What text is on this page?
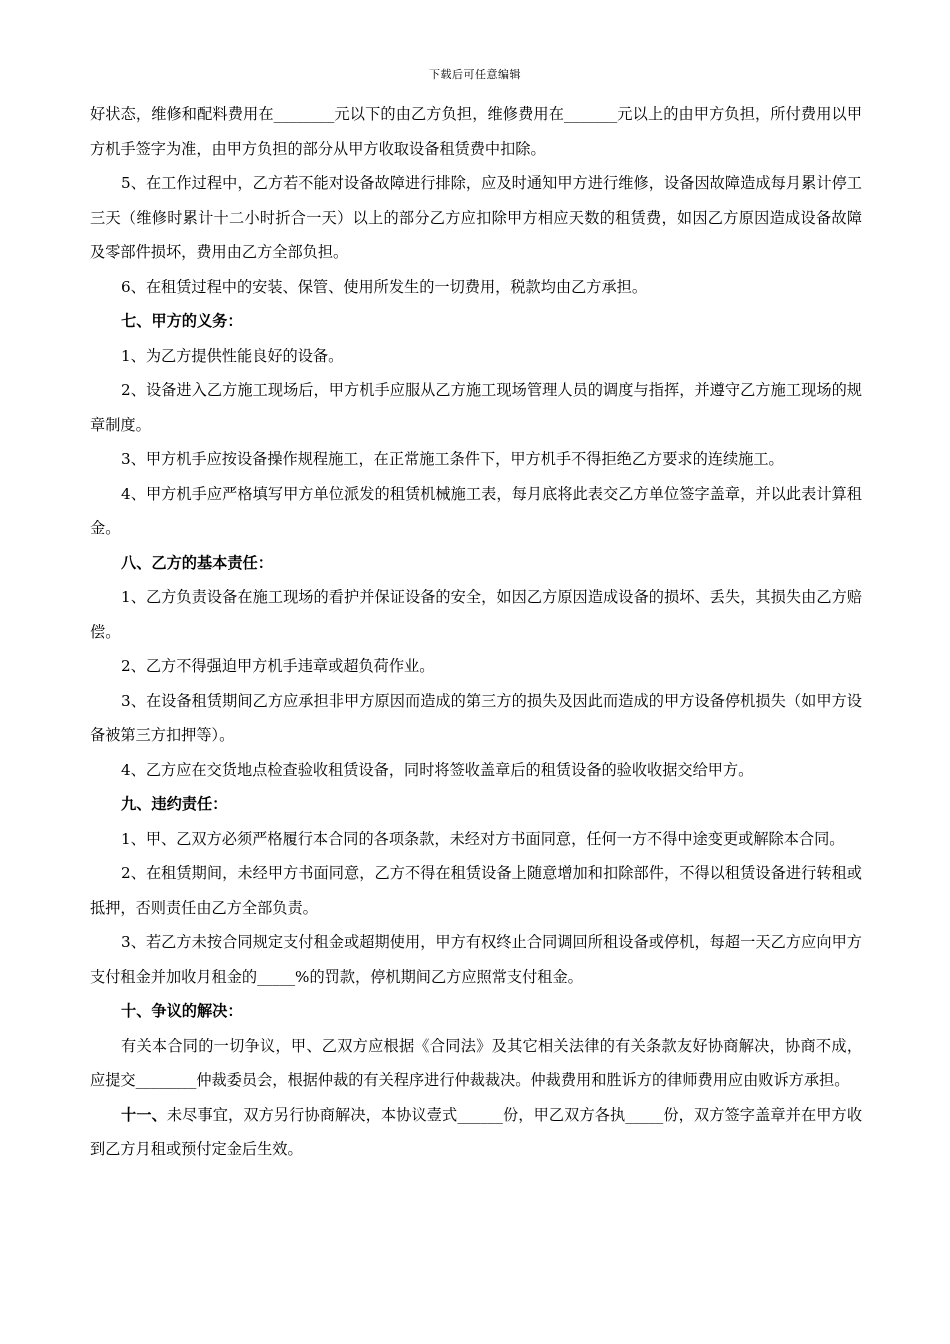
下载后可任意编辑

好状态，维修和配料费用在________元以下的由乙方负担，维修费用在_______元以上的由甲方负担，所付费用以甲方机手签字为准，由甲方负担的部分从甲方收取设备租赁费中扣除。

5、在工作过程中，乙方若不能对设备故障进行排除，应及时通知甲方进行维修，设备因故障造成每月累计停工三天（维修时累计十二小时折合一天）以上的部分乙方应扣除甲方相应天数的租赁费，如因乙方原因造成设备故障及零部件损坏，费用由乙方全部负担。

6、在租赁过程中的安装、保管、使用所发生的一切费用，税款均由乙方承担。

七、甲方的义务：

1、为乙方提供性能良好的设备。

2、设备进入乙方施工现场后，甲方机手应服从乙方施工现场管理人员的调度与指挥，并遵守乙方施工现场的规章制度。

3、甲方机手应按设备操作规程施工，在正常施工条件下，甲方机手不得拒绝乙方要求的连续施工。

4、甲方机手应严格填写甲方单位派发的租赁机械施工表，每月底将此表交乙方单位签字盖章，并以此表计算租金。

八、乙方的基本责任：

1、乙方负责设备在施工现场的看护并保证设备的安全，如因乙方原因造成设备的损坏、丢失，其损失由乙方赔偿。

2、乙方不得强迫甲方机手违章或超负荷作业。

3、在设备租赁期间乙方应承担非甲方原因而造成的第三方的损失及因此而造成的甲方设备停机损失（如甲方设备被第三方扣押等）。

4、乙方应在交货地点检查验收租赁设备，同时将签收盖章后的租赁设备的验收收据交给甲方。

九、违约责任：

1、甲、乙双方必须严格履行本合同的各项条款，未经对方书面同意，任何一方不得中途变更或解除本合同。

2、在租赁期间，未经甲方书面同意，乙方不得在租赁设备上随意增加和扣除部件，不得以租赁设备进行转租或抵押，否则责任由乙方全部负责。

3、若乙方未按合同规定支付租金或超期使用，甲方有权终止合同调回所租设备或停机，每超一天乙方应向甲方支付租金并加收月租金的_____%的罚款，停机期间乙方应照常支付租金。

十、争议的解决：

有关本合同的一切争议，甲、乙双方应根据《合同法》及其它相关法律的有关条款友好协商解决，协商不成，应提交________仲裁委员会，根据仲裁的有关程序进行仲裁裁决。仲裁费用和胜诉方的律师费用应由败诉方承担。

十一、未尽事宜，双方另行协商解决，本协议壹式______份，甲乙双方各执_____份，双方签字盖章并在甲方收到乙方月租或预付定金后生效。
